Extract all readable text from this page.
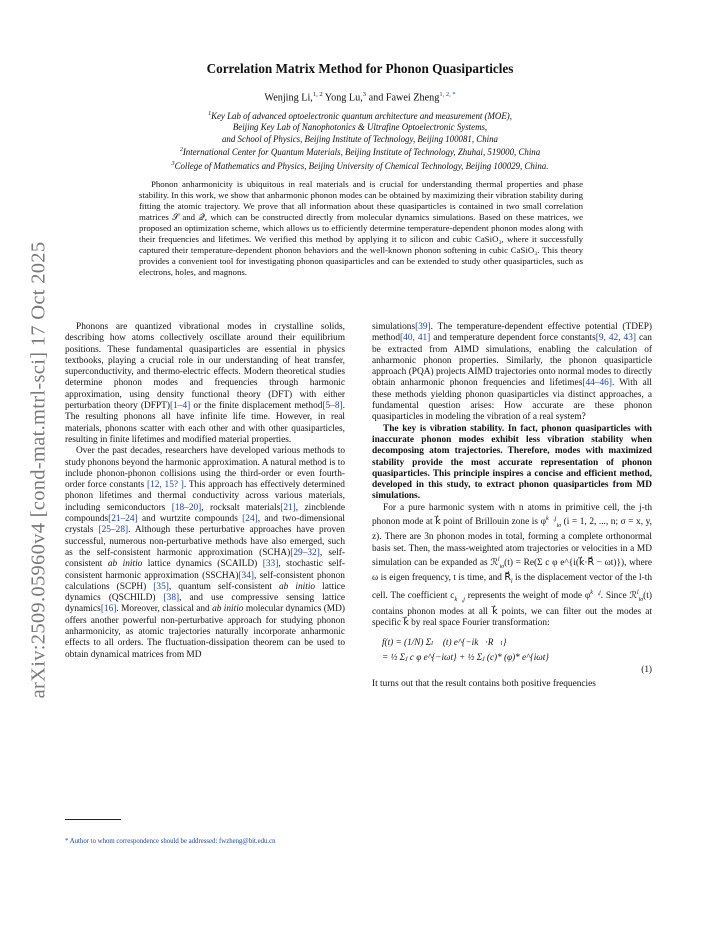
arXiv:2509.05960v4 [cond-mat.mtrl-sci] 17 Oct 2025
Correlation Matrix Method for Phonon Quasiparticles
Wenjing Li,$^{1, 2}$ Yong Lu,$^3$ and Fawei Zheng$^{1, 2, *}$
$^1$Key Lab of advanced optoelectronic quantum architecture and measurement (MOE),
Beijing Key Lab of Nanophotonics & Ultrafine Optoelectronic Systems,
and School of Physics, Beijing Institute of Technology, Beijing 100081, China
$^2$International Center for Quantum Materials, Beijing Institute of Technology, Zhuhai, 519000, China
$^3$College of Mathematics and Physics, Beijing University of Chemical Technology, Beijing 100029, China.

Phonon anharmonicity is ubiquitous in real materials and is crucial for understanding thermal properties and phase stability. In this work, we show that anharmonic phonon modes can be obtained by maximizing their vibration stability during fitting the atomic trajectory. We prove that all information about these quasiparticles is contained in two small correlation matrices 𝒮 and 𝒬, which can be constructed directly from molecular dynamics simulations. Based on these matrices, we proposed an optimization scheme, which allows us to efficiently determine temperature-dependent phonon modes along with their frequencies and lifetimes. We verified this method by applying it to silicon and cubic CaSiO₃, where it successfully captured their temperature-dependent phonon behaviors and the well-known phonon softening in cubic CaSiO₃. This theory provides a convenient tool for investigating phonon quasiparticles and can be extended to study other quasiparticles, such as electrons, holes, and magnons.

Phonons are quantized vibrational modes in crystalline solids, describing how atoms collectively oscillate around their equilibrium positions. These fundamental quasiparticles are essential in physics textbooks, playing a crucial role in our understanding of heat transfer, superconductivity, and thermo-electric effects. Modern theoretical studies determine phonon modes and frequencies through harmonic approximation, using density functional theory (DFT) with either perturbation theory (DFPT)[1–4] or the finite displacement method[5–8]. The resulting phonons all have infinite life time. However, in real materials, phonons scatter with each other and with other quasiparticles, resulting in finite lifetimes and modified material properties.

Over the past decades, researchers have developed various methods to study phonons beyond the harmonic approximation. A natural method is to include phonon-phonon collisions using the third-order or even fourth-order force constants [12, 15? ]. This approach has effectively determined phonon lifetimes and thermal conductivity across various materials, including semiconductors [18–20], rocksalt materials[21], zincblende compounds[21–24] and wurtzite compounds [24], and two-dimensional crystals [25–28]. Although these perturbative approaches have proven successful, numerous non-perturbative methods have also emerged, such as the self-consistent harmonic approximation (SCHA)[29–32], self-consistent ab initio lattice dynamics (SCAILD) [33], stochastic self-consistent harmonic approximation (SSCHA)[34], self-consistent phonon calculations (SCPH) [35], quantum self-consistent ab initio lattice dynamics (QSCHILD) [38], and use compressive sensing lattice dynamics[16]. Moreover, classical and ab initio molecular dynamics (MD) offers another powerful non-perturbative approach for studying phonon anharmonicity, as atomic trajectories naturally incorporate anharmonic effects to all orders. The fluctuation-dissipation theorem can be used to obtain dynamical matrices from MD

simulations[39]. The temperature-dependent effective potential (TDEP) method[40, 41] and temperature dependent force constants[9, 42, 43] can be extracted from AIMD simulations, enabling the calculation of anharmonic phonon properties. Similarly, the phonon quasiparticle approach (PQA) projects AIMD trajectories onto normal modes to directly obtain anharmonic phonon frequencies and lifetimes[44–46]. With all these methods yielding phonon quasiparticles via distinct approaches, a fundamental question arises: How accurate are these phonon quasiparticles in modeling the vibration of a real system?

The key is vibration stability. In fact, phonon quasiparticles with inaccurate phonon modes exhibit less vibration stability when decomposing atom trajectories. Therefore, modes with maximized stability provide the most accurate representation of phonon quasiparticles. This principle inspires a concise and efficient method, developed in this study, to extract phonon quasiparticles from MD simulations.

For a pure harmonic system with n atoms in primitive cell, the j-th phonon mode at k⃗ point of Brillouin zone is $\varphi^{k⃗,j}_{i\sigma}$ (i = 1, 2, ..., n; σ = x, y, z). There are 3n phonon modes in total, forming a complete orthonormal basis set. Then, the mass-weighted atom trajectories or velocities in a MD simulation can be expanded as ℛ$^l_{i\sigma}$(t) = Re(Σ c φ e^{i(k⃗·R⃗ − ωt)}), where ω is eigen frequency, t is time, and $R⃗_l$ is the displacement vector of the l-th cell. The coefficient $c_{k⃗,j}$ represents the weight of mode $\varphi^{k⃗,j}$. Since ℛ$^l_{i\sigma}$(t) contains phonon modes at all k⃗ points, we can filter out the modes at specific k⃗ by real space Fourier transformation:

f(t) = (1/N) Σₗ ℛ(t) e^{−ik⃗·R⃗ₗ}
= ½ Σⱼ c φ e^{−iωt} + ½ Σⱼ (c)* (φ)* e^{iωt}
(1)

It turns out that the result contains both positive frequencies

* Author to whom correspondence should be addressed: fwzheng@bit.edu.cn
